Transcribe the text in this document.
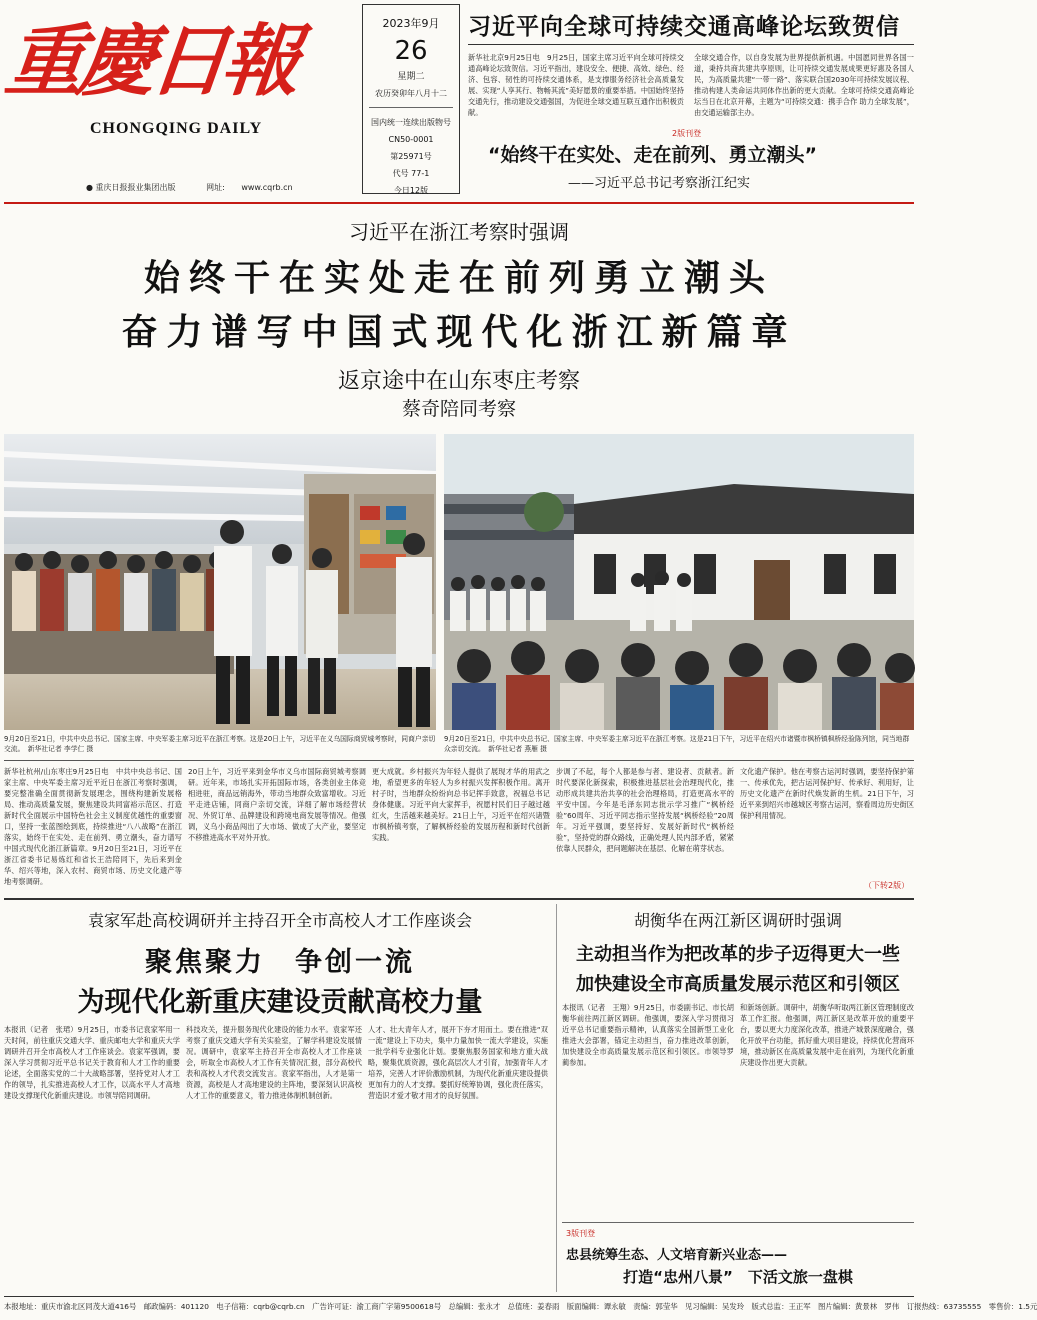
重慶日報
CHONGQING DAILY
● 重庆日报报业集团出版	网址: www.cqrb.cn
2023年9月
26
星期二
农历癸卯年八月十二
国内统一连续出版物号
CN50-0001
第25971号
代号 77-1
今日12版
习近平向全球可持续交通高峰论坛致贺信
新华社北京9月25日电　9月25日，国家主席习近平向全球可持续交通高峰论坛致贺信。习近平指出，建设安全、便捷、高效、绿色、经济、包容、韧性的可持续交通体系，是支撑服务经济社会高质量发展、实现“人享其行、物畅其流”美好愿景的重要举措。中国始终坚持交通先行，推动建设交通强国，为促进全球交通互联互通作出积极贡献。
全球交通合作，以自身发展为世界提供新机遇。中国愿同世界各国一道，秉持共商共建共享原则，让可持续交通发展成果更好惠及各国人民，为高质量共建“一带一路”、落实联合国2030年可持续发展议程、推动构建人类命运共同体作出新的更大贡献。全球可持续交通高峰论坛当日在北京开幕，主题为“可持续交通：携手合作 助力全球发展”，由交通运输部主办。
2版刊登
“始终干在实处、走在前列、勇立潮头”
——习近平总书记考察浙江纪实
习近平在浙江考察时强调
始终干在实处走在前列勇立潮头
奋力谱写中国式现代化浙江新篇章
返京途中在山东枣庄考察
蔡奇陪同考察
9月20日至21日，中共中央总书记、国家主席、中央军委主席习近平在浙江考察。这是20日上午，习近平在义乌国际商贸城考察时，同商户亲切交流。　新华社记者 李学仁 摄
9月20日至21日，中共中央总书记、国家主席、中央军委主席习近平在浙江考察。这是21日下午，习近平在绍兴市诸暨市枫桥镇枫桥经验陈列馆，同当地群众亲切交流。　新华社记者 燕雁 摄
新华社杭州/山东枣庄9月25日电　中共中央总书记、国家主席、中央军委主席习近平近日在浙江考察时强调，要完整准确全面贯彻新发展理念，围绕构建新发展格局、推动高质量发展，聚焦建设共同富裕示范区、打造新时代全面展示中国特色社会主义制度优越性的重要窗口，坚持一张蓝图绘到底，持续推进“八八战略”在浙江落实，始终干在实处、走在前列、勇立潮头，奋力谱写中国式现代化浙江新篇章。9月20日至21日，习近平在浙江省委书记易炼红和省长王浩陪同下，先后来到金华、绍兴等地，深入农村、商贸市场、历史文化遗产等地考察调研。
20日上午，习近平来到金华市义乌市国际商贸城考察调研。近年来，市场扎实开拓国际市场，各类创业主体竞相进驻，商品远销海外，带动当地群众致富增收。习近平走进店铺，同商户亲切交流，详细了解市场经营状况、外贸订单、品牌建设和跨境电商发展等情况。他强调，义乌小商品闯出了大市场、做成了大产业，要坚定不移推进高水平对外开放。
更大成就。乡村振兴为年轻人提供了展现才华的用武之地，希望更多的年轻人为乡村振兴发挥积极作用。离开村子时，当地群众纷纷向总书记挥手致意，祝福总书记身体健康。习近平向大家挥手，祝愿村民们日子越过越红火，生活越来越美好。21日上午，习近平在绍兴诸暨市枫桥镇考察，了解枫桥经验的发展历程和新时代创新实践。
步调了不起，每个人都是参与者、建设者、贡献者。新时代要深化新探索，积极推进基层社会治理现代化，推动形成共建共治共享的社会治理格局，打造更高水平的平安中国。今年是毛泽东同志批示学习推广“枫桥经验”60周年、习近平同志指示坚持发展“枫桥经验”20周年。习近平强调，要坚持好、发展好新时代“枫桥经验”，坚持党的群众路线，正确处理人民内部矛盾，紧紧依靠人民群众，把问题解决在基层、化解在萌芽状态。
文化遗产保护。他在考察古运河时强调，要坚持保护第一、传承优先，把古运河保护好、传承好、利用好，让历史文化遗产在新时代焕发新的生机。21日下午，习近平来到绍兴市越城区考察古运河，察看周边历史街区保护利用情况。
（下转2版）
袁家军赴高校调研并主持召开全市高校人才工作座谈会
聚焦聚力　争创一流
为现代化新重庆建设贡献高校力量
本报讯（记者　张珺）9月25日，市委书记袁家军用一天时间，前往重庆交通大学、重庆邮电大学和重庆大学调研并召开全市高校人才工作座谈会。袁家军强调，要深入学习贯彻习近平总书记关于教育和人才工作的重要论述，全面落实党的二十大战略部署，坚持党对人才工作的领导，扎实推进高校人才工作，以高水平人才高地建设支撑现代化新重庆建设。市领导陪同调研。
科技攻关，提升服务现代化建设的能力水平。袁家军还考察了重庆交通大学有关实验室，了解学科建设发展情况。调研中，袁家军主持召开全市高校人才工作座谈会，听取全市高校人才工作有关情况汇报，部分高校代表和高校人才代表交流发言。袁家军指出，人才是第一资源，高校是人才高地建设的主阵地，要深刻认识高校人才工作的重要意义，着力推进体制机制创新。
人才、壮大青年人才，展开下夯才用而土。要在推进“双一流”建设上下功夫，集中力量加快一流大学建设，实施一批学科专业强化计划。要聚焦服务国家和地方重大战略，聚集优质资源，强化高层次人才引育，加强青年人才培养，完善人才评价激励机制，为现代化新重庆建设提供更加有力的人才支撑。要抓好统筹协调，强化责任落实，营造识才爱才敬才用才的良好氛围。
胡衡华在两江新区调研时强调
主动担当作为把改革的步子迈得更大一些
加快建设全市高质量发展示范区和引领区
本报讯（记者　王翔）9月25日，市委副书记、市长胡衡华前往两江新区调研。他强调，要深入学习贯彻习近平总书记重要指示精神，认真落实全国新型工业化推进大会部署，锚定主动担当，奋力推进改革创新，加快建设全市高质量发展示范区和引领区。市领导罗蔺参加。
和新场创新。调研中，胡衡华听取两江新区管理制度改革工作汇报。他强调，两江新区是改革开放的重要平台，要以更大力度深化改革，推进产城景深度融合，强化开放平台功能，抓好重大项目建设，持续优化营商环境，推动新区在高质量发展中走在前列，为现代化新重庆建设作出更大贡献。
3版刊登
忠县统筹生态、人文培育新兴业态——
打造“忠州八景”　下活文旅一盘棋
本报地址：重庆市渝北区同茂大道416号　邮政编码：401120　电子信箱：cqrb@cqrb.cn　广告许可证：渝工商广字第9500618号　总编辑：张永才　总值班：姜春雨　版面编辑：谭永敏　责编：郭莹华　见习编辑：吴发玲　版式总监：王正军　图片编辑：黄景林　罗伟　订报热线：63735555　零售价：1.5元
